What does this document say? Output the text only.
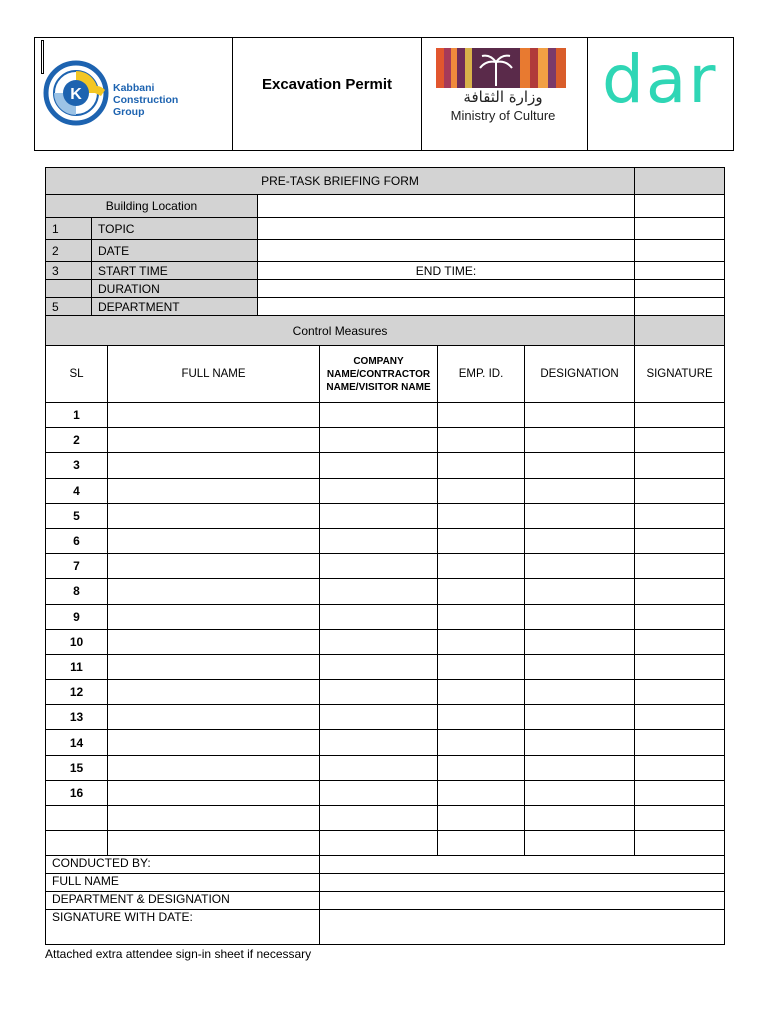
K	Kabbani
Construction
Group
Excavation Permit
وزارة الثقافة
Ministry of Culture dar
PRE-TASK BRIEFING FORM							
Building Location							
1	TOPIC						
2	DATE						
3	START TIME		END TIME:				
	DURATION						
5	DEPARTMENT						
Control Measures							
SL		FULL NAME		COMPANY NAME/CONTRACTOR NAME/VISITOR NAME	EMP. ID.	DESIGNATION	SIGNATURE
1							
2							
3							
4							
5							
6							
7							
8							
9							
10							
11							
12							
13							
14							
15							
16							

CONDUCTED BY:							
FULL NAME							
DEPARTMENT & DESIGNATION							
SIGNATURE WITH DATE:							
Attached extra attendee sign-in sheet if necessary
